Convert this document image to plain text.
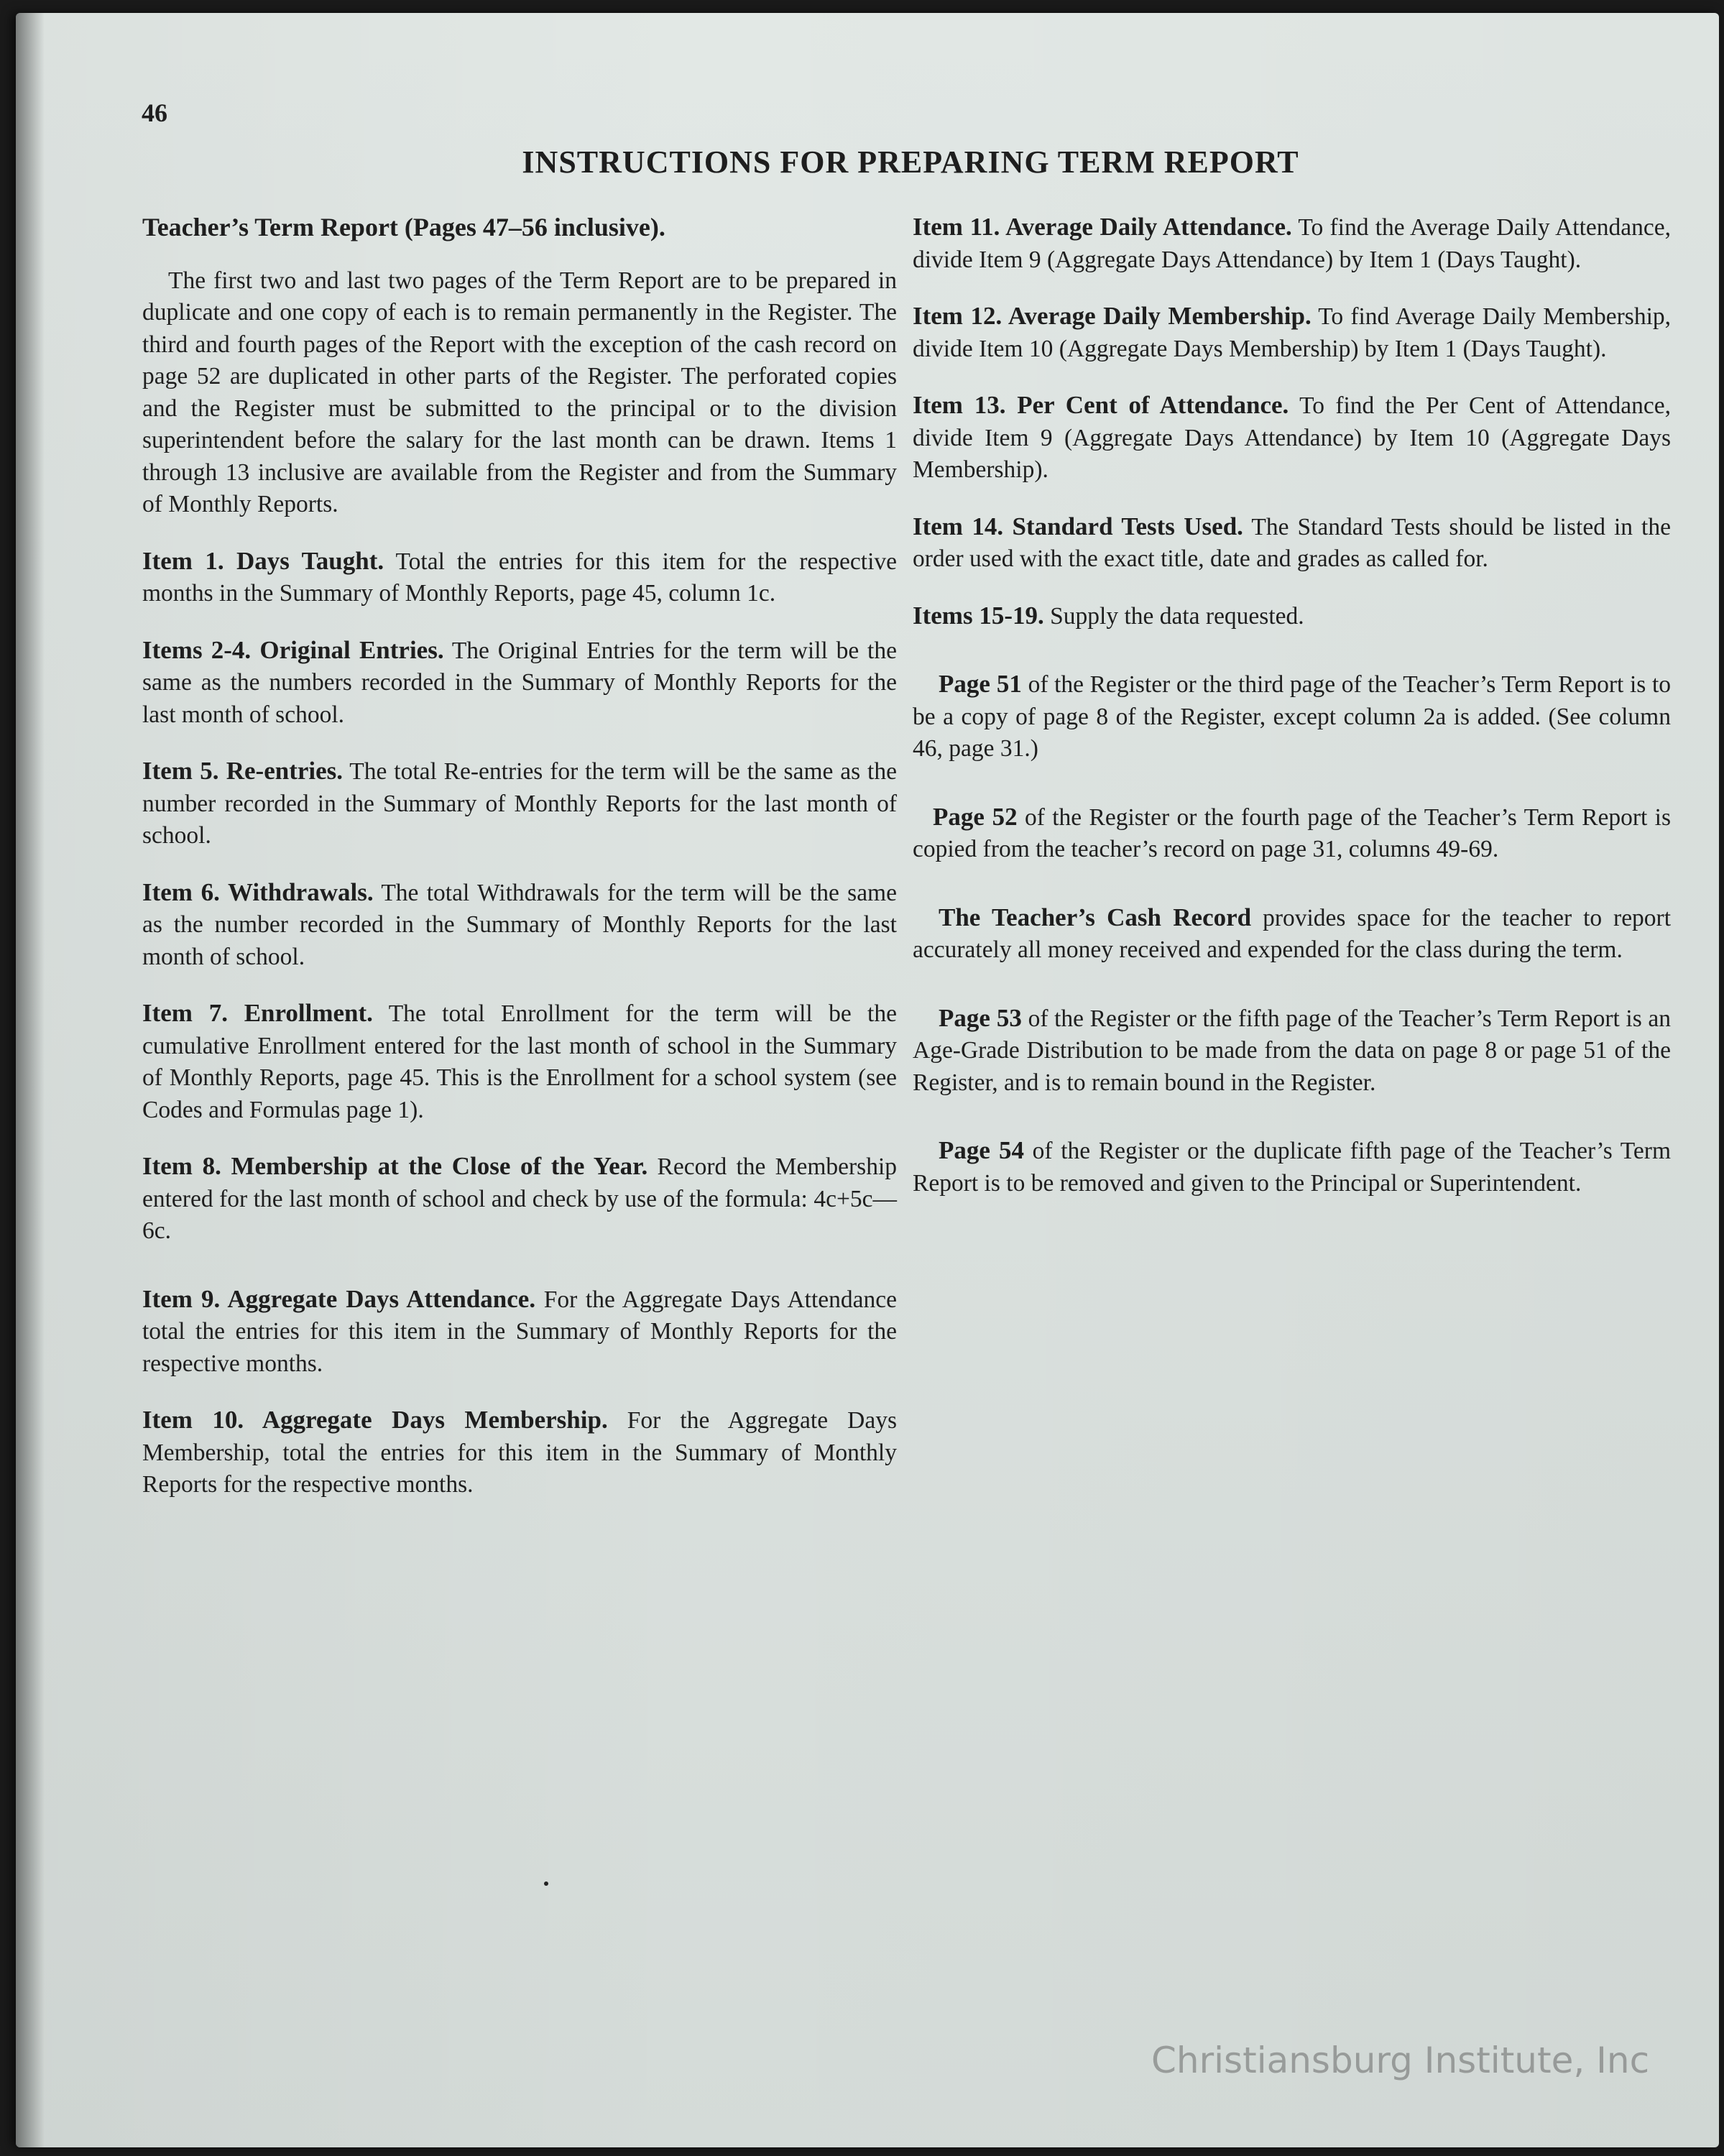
46

INSTRUCTIONS FOR PREPARING TERM REPORT

Teacher’s Term Report (Pages 47–56 inclusive).

The first two and last two pages of the Term Report are to be prepared in duplicate and one copy of each is to remain permanently in the Register. The third and fourth pages of the Report with the exception of the cash record on page 52 are duplicated in other parts of the Register. The perforated copies and the Register must be submitted to the principal or to the division superintendent before the salary for the last month can be drawn. Items 1 through 13 inclusive are available from the Register and from the Summary of Monthly Reports.

Item 1. Days Taught. Total the entries for this item for the respective months in the Summary of Monthly Reports, page 45, column 1c.

Items 2-4. Original Entries. The Original Entries for the term will be the same as the numbers recorded in the Summary of Monthly Reports for the last month of school.

Item 5. Re-entries. The total Re-entries for the term will be the same as the number recorded in the Summary of Monthly Reports for the last month of school.

Item 6. Withdrawals. The total Withdrawals for the term will be the same as the number recorded in the Summary of Monthly Reports for the last month of school.

Item 7. Enrollment. The total Enrollment for the term will be the cumulative Enrollment entered for the last month of school in the Summary of Monthly Reports, page 45. This is the Enrollment for a school system (see Codes and Formulas page 1).

Item 8. Membership at the Close of the Year. Record the Membership entered for the last month of school and check by use of the formula: 4c+5c—6c.

Item 9. Aggregate Days Attendance. For the Aggregate Days Attendance total the entries for this item in the Summary of Monthly Reports for the respective months.

Item 10. Aggregate Days Membership. For the Aggregate Days Membership, total the entries for this item in the Summary of Monthly Reports for the respective months.

Item 11. Average Daily Attendance. To find the Average Daily Attendance, divide Item 9 (Aggregate Days Attendance) by Item 1 (Days Taught).

Item 12. Average Daily Membership. To find Average Daily Membership, divide Item 10 (Aggregate Days Membership) by Item 1 (Days Taught).

Item 13. Per Cent of Attendance. To find the Per Cent of Attendance, divide Item 9 (Aggregate Days Attendance) by Item 10 (Aggregate Days Membership).

Item 14. Standard Tests Used. The Standard Tests should be listed in the order used with the exact title, date and grades as called for.

Items 15-19. Supply the data requested.

Page 51 of the Register or the third page of the Teacher’s Term Report is to be a copy of page 8 of the Register, except column 2a is added. (See column 46, page 31.)

Page 52 of the Register or the fourth page of the Teacher’s Term Report is copied from the teacher’s record on page 31, columns 49-69.

The Teacher’s Cash Record provides space for the teacher to report accurately all money received and expended for the class during the term.

Page 53 of the Register or the fifth page of the Teacher’s Term Report is an Age-Grade Distribution to be made from the data on page 8 or page 51 of the Register, and is to remain bound in the Register.

Page 54 of the Register or the duplicate fifth page of the Teacher’s Term Report is to be removed and given to the Principal or Superintendent.

Christiansburg Institute, Inc
